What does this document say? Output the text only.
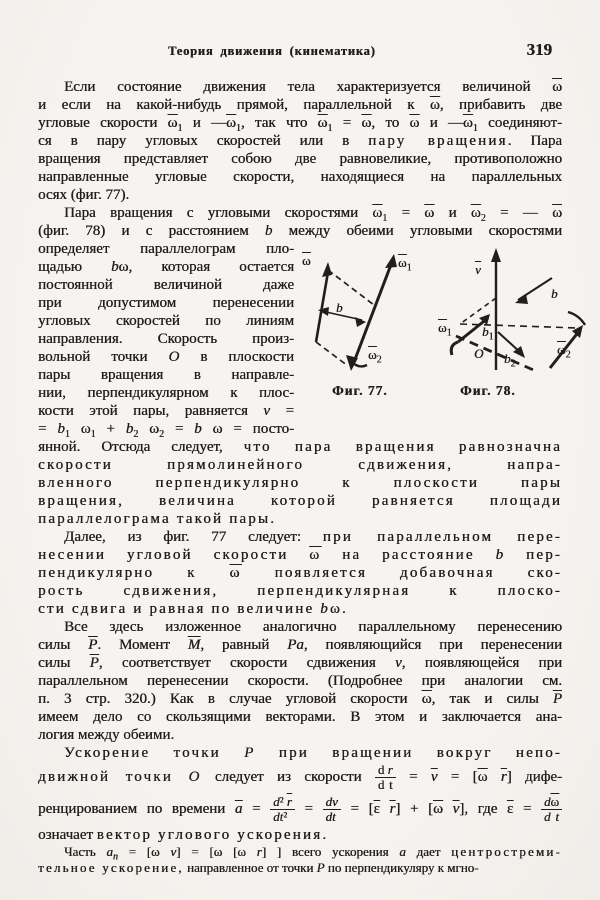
Теория движения (кинематика)	319
Если состояние движения тела характеризуется величиной $\overline{\omega}$
и если на какой-нибудь прямой, параллельной к $\overline{\omega}$, прибавить две
угловые скорости $\overline{\omega}_1$ и $—\overline{\omega}_1$, так что $\overline{\omega}_1 = \overline{\omega}$, то $\overline{\omega}$ и $—\overline{\omega}_1$ соединяют-
ся в пару угловых скоростей или в пару вращения. Пара
вращения представляет собою две равновеликие, противоположно
направленные угловые скорости, находящиеся на параллельных
осях (фиг. 77).
Пара вращения с угловыми скоростями $\overline{\omega}_1 = \overline{\omega}$ и $\overline{\omega}_2$ = — $\overline{\omega}$
(фиг. 78) и с расстоянием b между обеими угловыми скоростями
определяет параллелограм пло-
щадью bω, которая остается
постоянной величиной даже
при допустимом перенесении
угловых скоростей по линиям
направления. Скорость произ-
вольной точки O в плоскости
пары вращения в направле-
нии, перпендикулярном к плос-
кости этой пары, равняется v =
= $b_1$ $\omega_1 + b_2$ $\omega_2 = b$ ω = посто-
янной. Отсюда следует, что пара вращения равнозначна
скорости прямолинейного сдвижения, напра-
вленного перпендикулярно к плоскости пары
вращения, величина которой равняется площади
параллелограма такой пары.
Далее, из фиг. 77 следует: при параллельном пере-
несении угловой скорости $\overline{\omega}$ на расстояние b пер-
пендикулярно к $\overline{\omega}$ появляется добавочная ско-
рость сдвижения, перпендикулярная к плоско-
сти сдвига и равная по величине bω.
Все здесь изложенное аналогично параллельному перенесению
силы $\overline{P}$. Момент $\overline{M}$, равный Pa, появляющийся при перенесении
силы $\overline{P}$, соответствует скорости сдвижения v, появляющейся при
параллельном перенесении скорости. (Подробнее при аналогии см.
п. 3 стр. 320.) Как в случае угловой скорости $\overline{\omega}$, так и силы $\overline{P}$
имеем дело со скользящими векторами. В этом и заключается ана-
логия между обеими.
Ускорение точки P при вращении вокруг непо-
движной точки O следует из скорости $\frac{d \overline{r}}{\text{d t}} = \overline{v} = [\overline{\omega}$ $\overline{r}$] дифе-
ренцированием по времени $\overline{a} = \frac{d^2 \overline{r}}{\text{dt²}} = \frac{dv}{dt} = [\overline{\varepsilon}$ $\overline{r}] + [\overline{\omega}$ $\overline{v}$], где $\overline{\varepsilon} = \frac{d\overline{\omega}}{\text{d t}}$
означает вектор углового ускорения.
Часть $\overline{a}_n = [\overline{\omega}$ $\overline{v}] = [\overline{\omega}$ [$\overline{\omega}$ $\overline{r}$] ] всего ускорения $\overline{a}$ дает центростреми-
тельное ускорение, направленное от точки P по перпендикуляру к мгно-
$\overline{\omega}$	$\overline{\omega}_1$
b
$\overline{\omega}_2$
$\overline{v}$
b
$b_1$
O $b_2$
$\overline{\omega}_1$
$\overline{\omega}_2$
Фиг. 77.	Фиг. 78.
